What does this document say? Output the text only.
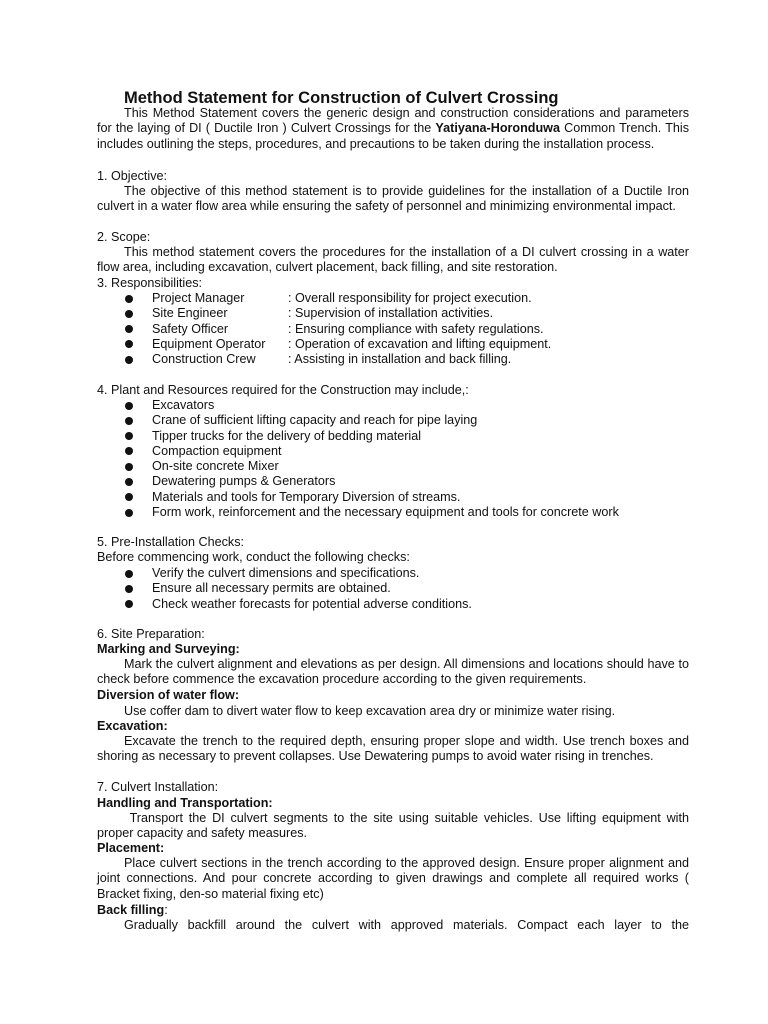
Method Statement for Construction of Culvert Crossing

This Method Statement covers the generic design and construction considerations and parameters for the laying of DI ( Ductile Iron ) Culvert Crossings for the Yatiyana-Horonduwa Common Trench. This includes outlining the steps, procedures, and precautions to be taken during the installation process.

1. Objective:

The objective of this method statement is to provide guidelines for the installation of a Ductile Iron culvert in a water flow area while ensuring the safety of personnel and minimizing environmental impact.

2. Scope:

This method statement covers the procedures for the installation of a DI culvert crossing in a water flow area, including excavation, culvert placement, back filling, and site restoration.

3. Responsibilities:
Project Manager	: Overall responsibility for project execution.
Site Engineer	: Supervision of installation activities.
Safety Officer	: Ensuring compliance with safety regulations.
Equipment Operator : Operation of excavation and lifting equipment.
Construction Crew	: Assisting in installation and back filling.
4. Plant and Resources required for the Construction may include,:
Excavators
Crane of sufficient lifting capacity and reach for pipe laying
Tipper trucks for the delivery of bedding material
Compaction equipment
On-site concrete Mixer
Dewatering pumps & Generators
Materials and tools for Temporary Diversion of streams.
Form work, reinforcement and the necessary equipment and tools for concrete work
5. Pre-Installation Checks:
Before commencing work, conduct the following checks:
Verify the culvert dimensions and specifications.
Ensure all necessary permits are obtained.
Check weather forecasts for potential adverse conditions.
6. Site Preparation:
Marking and Surveying:

Mark the culvert alignment and elevations as per design. All dimensions and locations should have to check before commence the excavation procedure according to the given requirements.

Diversion of water flow:

Use coffer dam to divert water flow to keep excavation area dry or minimize water rising.

Excavation:

Excavate the trench to the required depth, ensuring proper slope and width. Use trench boxes and shoring as necessary to prevent collapses. Use Dewatering pumps to avoid water rising in trenches.

7. Culvert Installation:
Handling and Transportation:

Transport the DI culvert segments to the site using suitable vehicles. Use lifting equipment with proper capacity and safety measures.

Placement:

Place culvert sections in the trench according to the approved design. Ensure proper alignment and joint connections. And pour concrete according to given drawings and complete all required works ( Bracket fixing, den-so material fixing etc)

Back filling:

Gradually backfill around the culvert with approved materials. Compact each layer to the
